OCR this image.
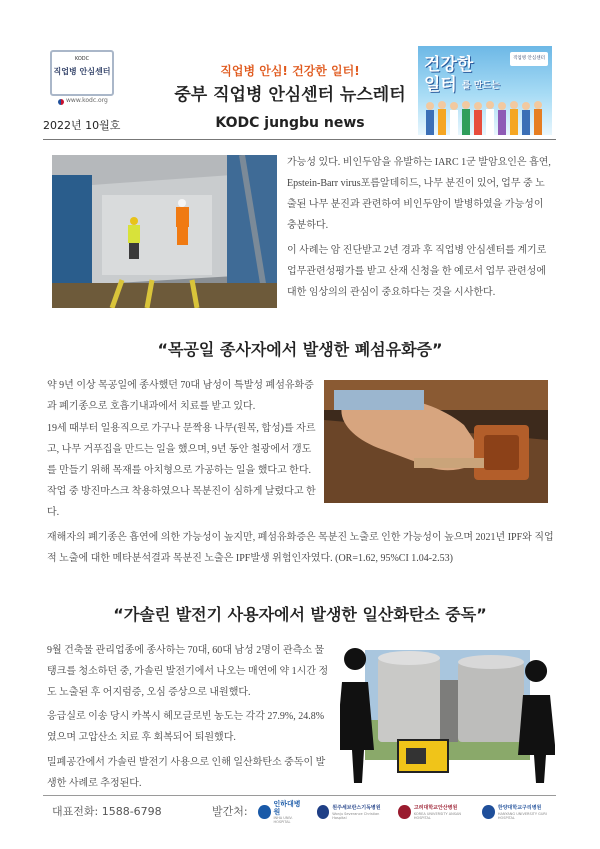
KODC
직업병 안심센터
www.kodc.org
2022년 10월호
직업병 안심! 건강한 일터!
중부 직업병 안심센터 뉴스레터
KODC jungbu news
건강한
일터 를 만드는
직업병 안심센터

가능성 있다. 비인두암을 유발하는 IARC 1군 발암요인은 흡연, Epstein-Barr virus포름알데히드, 나무 분진이 있어, 업무 중 노출된 나무 분진과 관련하여 비인두암이 발병하였을 가능성이 충분하다.

이 사례는 암 진단받고 2년 경과 후 직업병 안심센터를 계기로 업무관련성평가를 받고 산재 신청을 한 예로서 업무 관련성에 대한 임상의의 관심이 중요하다는 것을 시사한다.

“목공일 종사자에서 발생한 폐섬유화증”

약 9년 이상 목공일에 종사했던 70대 남성이 특발성 폐섬유화증과 폐기종으로 호흡기내과에서 치료를 받고 있다.

19세 때부터 일용직으로 가구나 문짝용 나무(원목, 합성)를 자르고, 나무 거푸집을 만드는 일을 했으며, 9년 동안 철광에서 갱도를 만들기 위해 목재를 아치형으로 가공하는 일을 했다고 한다. 작업 중 방진마스크 착용하였으나 목분진이 심하게 날렸다고 한다.

재해자의 폐기종은 흡연에 의한 가능성이 높지만, 폐섬유화증은 목분진 노출로 인한 가능성이 높으며 2021년 IPF와 직업적 노출에 대한 메타분석결과 목분진 노출은 IPF발생 위험인자였다. (OR=1.62, 95%CI 1.04-2.53)

“가솔린 발전기 사용자에서 발생한 일산화탄소 중독”

9월 건축물 관리업종에 종사하는 70대, 60대 남성 2명이 관측소 물탱크를 청소하던 중, 가솔린 발전기에서 나오는 매연에 약 1시간 정도 노출된 후 어지럼증, 오심 증상으로 내원했다.

응급실로 이송 당시 카복시 헤모글로빈 농도는 각각 27.9%, 24.8%였으며 고압산소 치료 후 회복되어 퇴원했다.

밀폐공간에서 가솔린 발전기 사용으로 인해 일산화탄소 중독이 발생한 사례로 추정된다.

대표전화: 1588-6798	발간처:
인하대병원
INHA UNIV. HOSPITAL
원주세브란스기독병원
Wonju Severance Christian Hospital
고려대학교안산병원
KOREA UNIVERSITY ANSAN HOSPITAL
한양대학교구리병원
HANYANG UNIVERSITY GURI HOSPITAL
